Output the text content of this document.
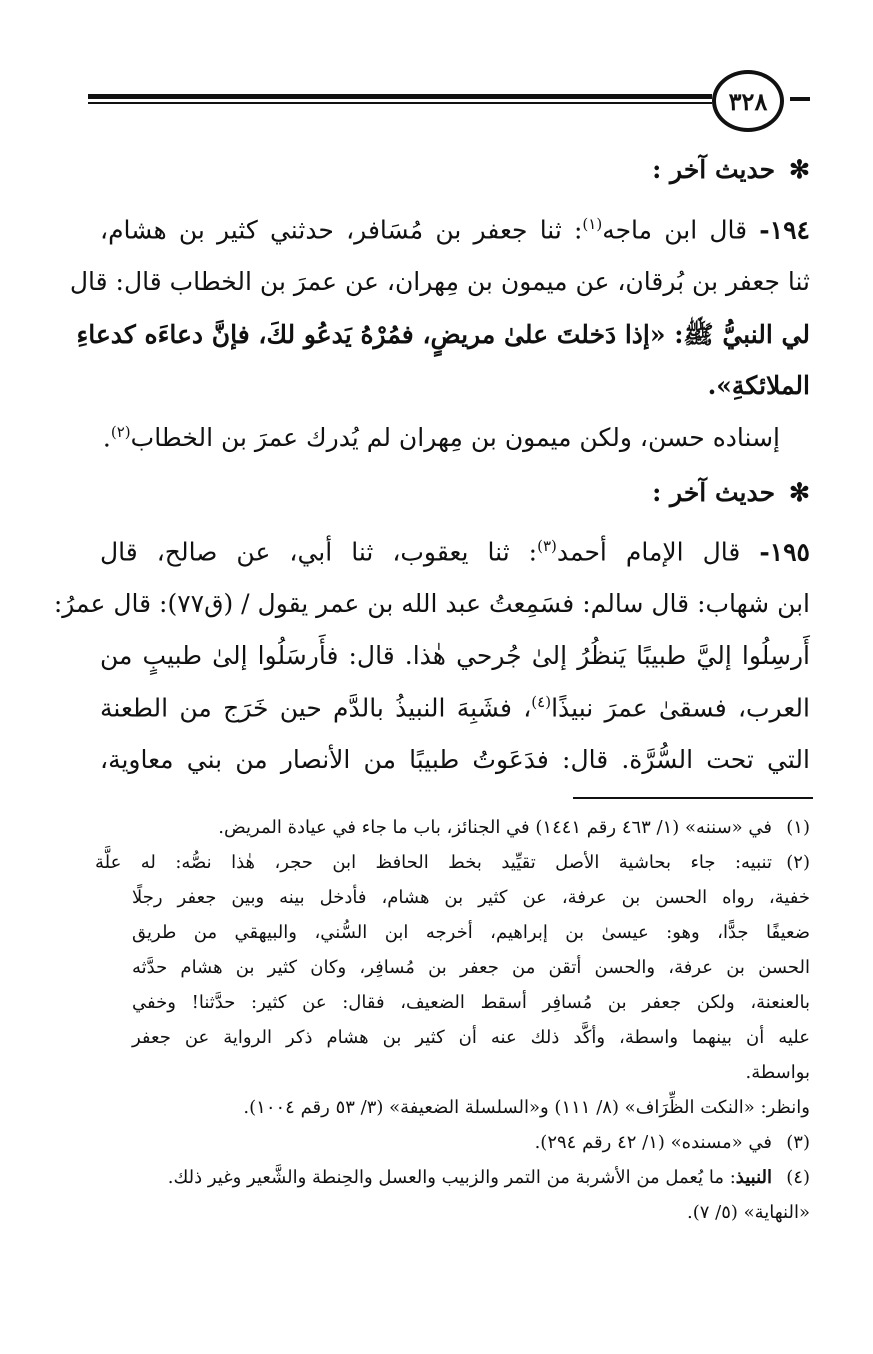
٣٢٨
✻حديث آخر :
١٩٤- قال ابن ماجه$^{(١)}$: ثنا جعفر بن مُسَافر، حدثني كثير بن هشام،
ثنا جعفر بن بُرقان، عن ميمون بن مِهران، عن عمرَ بن الخطاب قال: قال
لي النبيُّ ﷺ: «إذا دَخلتَ علىٰ مريضٍ، فمُرْهُ يَدعُو لكَ، فإنَّ دعاءَه كدعاءِ
الملائكةِ».
إسناده حسن، ولكن ميمون بن مِهران لم يُدرك عمرَ بن الخطاب$^{(٢)}$.
✻حديث آخر :
١٩٥- قال الإمام أحمد$^{(٣)}$: ثنا يعقوب، ثنا أبي، عن صالح، قال
ابن شهاب: قال سالم: فسَمِعتُ عبد الله بن عمر يقول / (ق٧٧): قال عمرُ:
أَرسِلُوا إليَّ طبيبًا يَنظُرُ إلىٰ جُرحي هٰذا. قال: فأَرسَلُوا إلىٰ طبيبٍ من
العرب، فسقىٰ عمرَ نبيذًا$^{(٤)}$، فشَبِهَ النبيذُ بالدَّم حين خَرَج من الطعنة
التي تحت السُّرَّة. قال: فدَعَوتُ طبيبًا من الأنصار من بني معاوية،
(١)في «سننه» (١/ ٤٦٣ رقم ١٤٤١) في الجنائز، باب ما جاء في عيادة المريض.
(٢)تنبيه: جاء بحاشية الأصل تقيِّيد بخط الحافظ ابن حجر، هٰذا نصُّه: له علَّة
خفية، رواه الحسن بن عرفة، عن كثير بن هشام، فأدخل بينه وبين جعفر رجلًا
ضعيفًا جدًّا، وهو: عيسىٰ بن إبراهيم، أخرجه ابن السُّني، والبيهقي من طريق
الحسن بن عرفة، والحسن أتقن من جعفر بن مُسافِر، وكان كثير بن هشام حدَّثه
بالعنعنة، ولكن جعفر بن مُسافِر أسقط الضعيف، فقال: عن كثير: حدَّثنا! وخفي
عليه أن بينهما واسطة، وأكَّد ذلك عنه أن كثير بن هشام ذكر الرواية عن جعفر
بواسطة.
وانظر: «النكت الظِّرَاف» (٨/ ١١١) و«السلسلة الضعيفة» (٣/ ٥٣ رقم ١٠٠٤).
(٣)في «مسنده» (١/ ٤٢ رقم ٢٩٤).
(٤)النبيذ: ما يُعمل من الأشربة من التمر والزبيب والعسل والحِنطة والشَّعير وغير ذلك.
«النهاية» (٥/ ٧).
